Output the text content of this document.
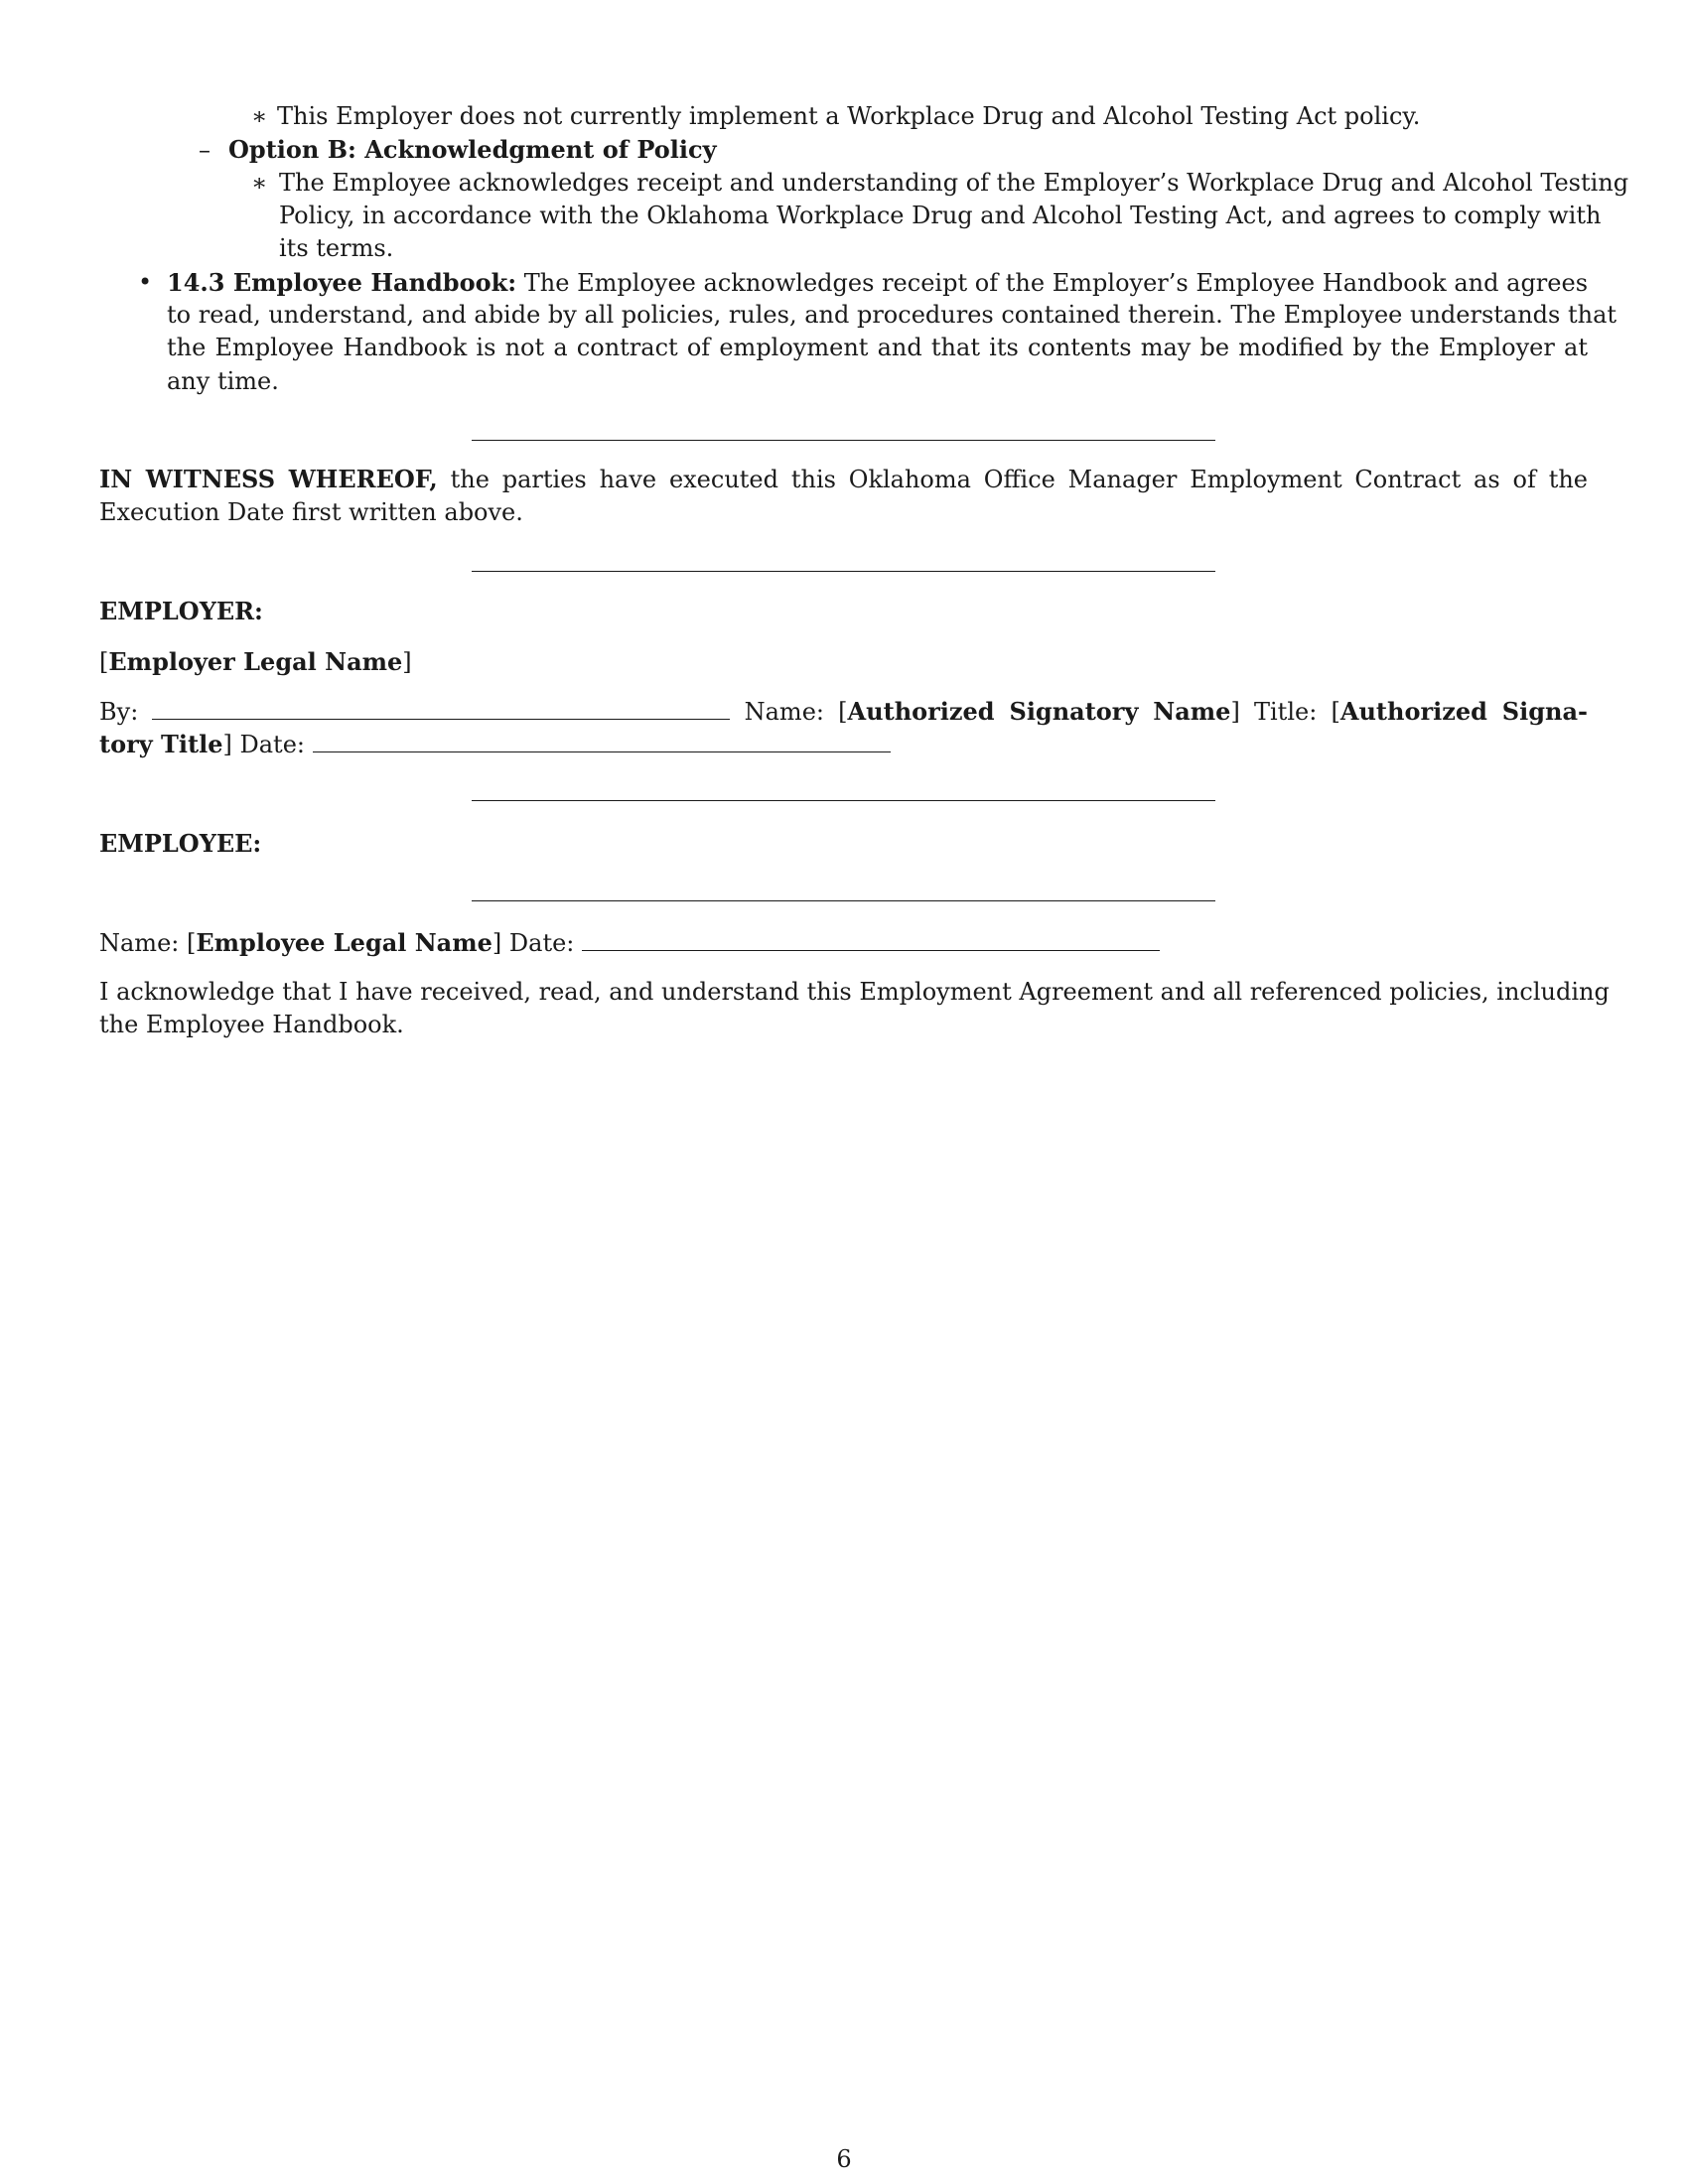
∗ This Employer does not currently implement a Workplace Drug and Alcohol Testing Act policy.
– Option B: Acknowledgment of Policy
∗ The Employee acknowledges receipt and understanding of the Employer’s Workplace Drug and Alcohol Testing
Policy, in accordance with the Oklahoma Workplace Drug and Alcohol Testing Act, and agrees to comply with
its terms.
• 14.3 Employee Handbook: The Employee acknowledges receipt of the Employer’s Employee Handbook and agrees
to read, understand, and abide by all policies, rules, and procedures contained therein. The Employee understands that
the Employee Handbook is not a contract of employment and that its contents may be modified by the Employer at
any time.
IN WITNESS WHEREOF, the parties have executed this Oklahoma Office Manager Employment Contract as of the
Execution Date first written above.
EMPLOYER:
[Employer Legal Name]
By:	Name: [Authorized Signatory Name] Title: [Authorized Signa-
tory Title] Date:
EMPLOYEE:
Name: [Employee Legal Name] Date:
I acknowledge that I have received, read, and understand this Employment Agreement and all referenced policies, including
the Employee Handbook.
6
